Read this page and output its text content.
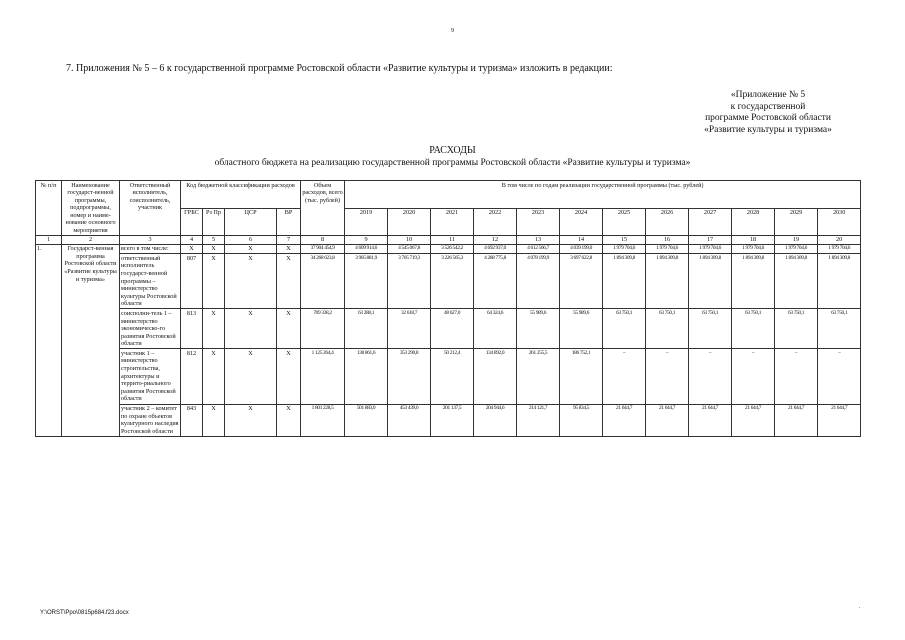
9
7. Приложения № 5 – 6 к государственной программе Ростовской области «Развитие культуры и туризма» изложить в редакции:
«Приложение № 5
к государственной
программе Ростовской области
«Развитие культуры и туризма»
РАСХОДЫ
областного бюджета на реализацию государственной программы Ростовской области «Развитие культуры и туризма»
№ п/п	Наименование государст-венной программы, подпрограммы, номер и наиме-нование основного мероприятия	Ответственный исполнитель, соисполнитель, участник	Код бюджетной классификации расходов				Объем расходов, всего (тыс. рублей)	В том числе по годам реализации государственной программы (тыс. рублей)											
			ГРБС	Рз Пр	ЦСР	ВР		2019	2020	2021	2022	2023	2024	2025	2026	2027	2028	2029	2030
1	2	3	4	5	6	7	8	9	10	11	12	13	14	15	16	17	18	19	20
1.	Государст-венная программа Ростовской области «Развитие культуры и туризма»	всего в том числе:	Х	Х	Х	Х	37 904 454,9	4 609 914,6	4 545 067,8	3 526 542,2	4 692 937,0	4 612 566,7	4 039 199,0	1 979 704,6	1 979 704,6	1 979 704,6	1 979 704,6	1 979 704,6	1 979 704,6
		ответственный исполнитель государст-венной программы – министерство культуры Ростовской области	807	Х	Х	Х	34 268 623,8	3 905 881,9	3 705 719,3	3 226 565,3	4 288 775,8	4 078 199,9	3 697 622,8	1 894 309,8	1 894 309,8	1 894 309,8	1 894 309,8	1 894 309,8	1 894 309,8
		соисполни-тель 1 – министерство экономическо-го развития Ростовской области	813	Х	Х	Х	709 338,2	63 288,1	32 618,7	48 627,0	64 324,6	55 989,6	55 989,6	63 750,1	63 750,1	63 750,1	63 750,1	63 750,1	63 750,1
		участник 1 – министерство строительства, архитектуры и террито-риального развития Ростовской области	812	Х	Х	Х	1 125 264,4	138 861,6	353 290,8	50 212,4	134 892,0	261 255,5	186 752,1	–	–	–	–	–	–
		участник 2 – комитет по охране объектов культурного наследия Ростовской области	843	Х	Х	Х	1 801 228,5	501 883,0	453 439,0	201 137,5	204 944,6	214 121,7	95 834,5	21 644,7	21 644,7	21 644,7	21 644,7	21 644,7	21 644,7
Y:\ORST\Ppo\0815p684.f23.docx
.
